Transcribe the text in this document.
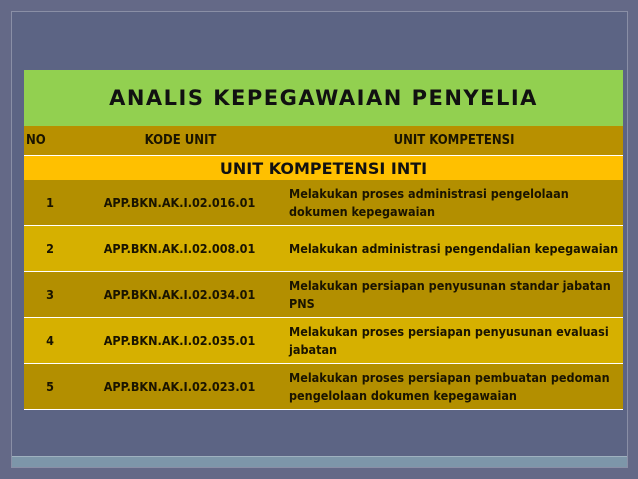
ANALIS KEPEGAWAIAN PENYELIA		
NO	KODE UNIT	UNIT KOMPETENSI
UNIT KOMPETENSI INTI		
1	APP.BKN.AK.I.02.016.01	Melakukan proses administrasi pengelolaan dokumen kepegawaian
2	APP.BKN.AK.I.02.008.01	Melakukan administrasi pengendalian kepegawaian
3	APP.BKN.AK.I.02.034.01	Melakukan persiapan penyusunan standar jabatan PNS
4	APP.BKN.AK.I.02.035.01	Melakukan proses persiapan penyusunan evaluasi jabatan
5	APP.BKN.AK.I.02.023.01	Melakukan proses persiapan pembuatan pedoman pengelolaan dokumen kepegawaian
